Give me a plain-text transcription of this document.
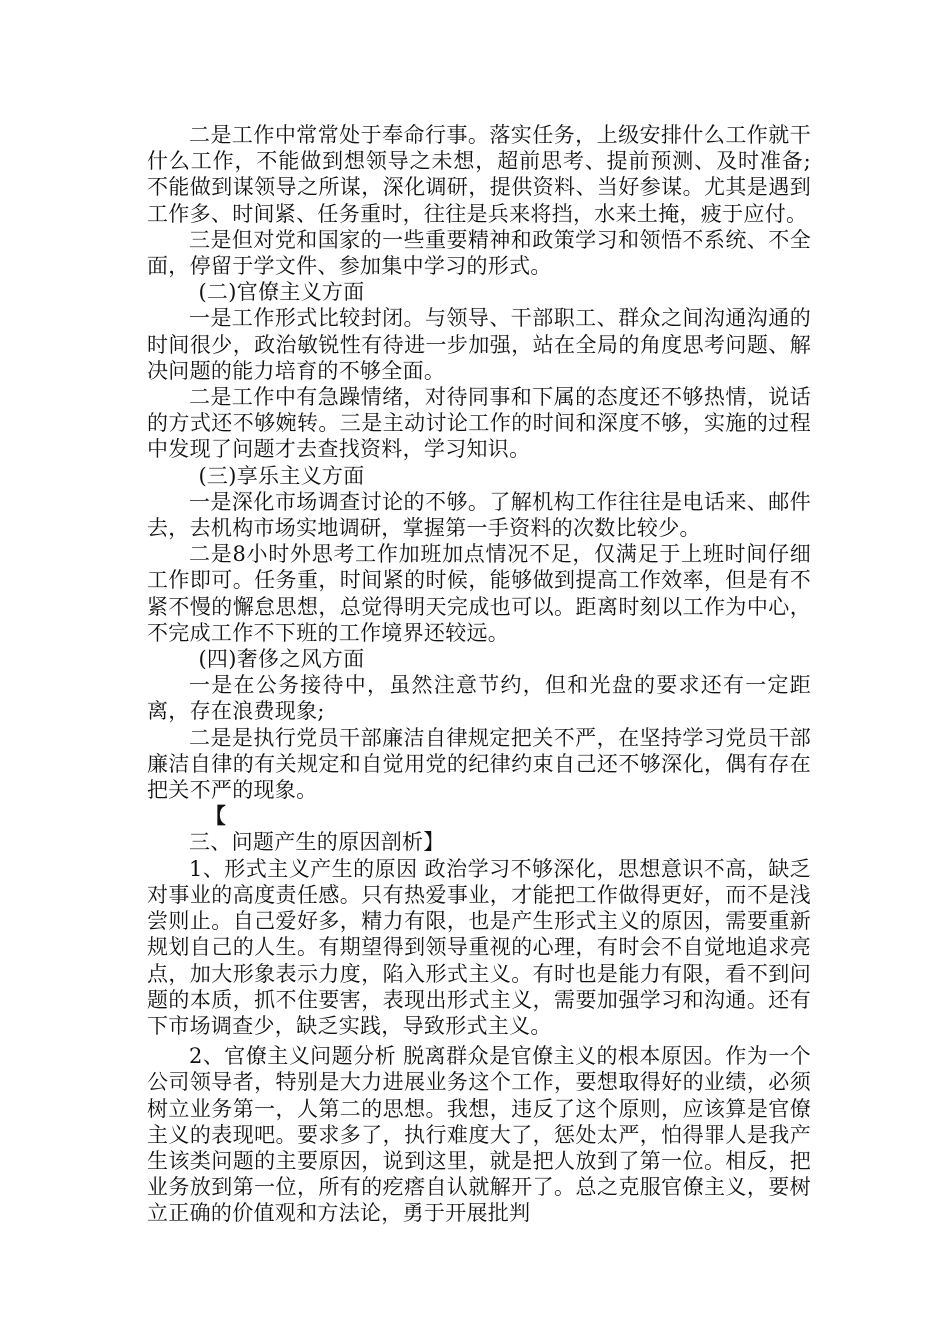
二是工作中常常处于奉命行事。落实任务，上级安排什么工作就干什么工作，不能做到想领导之未想，超前思考、提前预测、及时准备;不能做到谋领导之所谋，深化调研，提供资料、当好参谋。尤其是遇到工作多、时间紧、任务重时，往往是兵来将挡，水来土掩，疲于应付。

三是但对党和国家的一些重要精神和政策学习和领悟不系统、不全面，停留于学文件、参加集中学习的形式。

(二)官僚主义方面

一是工作形式比较封闭。与领导、干部职工、群众之间沟通沟通的时间很少，政治敏锐性有待进一步加强，站在全局的角度思考问题、解决问题的能力培育的不够全面。

二是工作中有急躁情绪，对待同事和下属的态度还不够热情，说话的方式还不够婉转。三是主动讨论工作的时间和深度不够，实施的过程中发现了问题才去查找资料，学习知识。

(三)享乐主义方面

一是深化市场调查讨论的不够。了解机构工作往往是电话来、邮件去，去机构市场实地调研，掌握第一手资料的次数比较少。

二是8小时外思考工作加班加点情况不足，仅满足于上班时间仔细工作即可。任务重，时间紧的时候，能够做到提高工作效率，但是有不紧不慢的懈怠思想，总觉得明天完成也可以。距离时刻以工作为中心，不完成工作不下班的工作境界还较远。

(四)奢侈之风方面

一是在公务接待中，虽然注意节约，但和光盘的要求还有一定距离，存在浪费现象;

二是是执行党员干部廉洁自律规定把关不严，在坚持学习党员干部廉洁自律的有关规定和自觉用党的纪律约束自己还不够深化，偶有存在把关不严的现象。

【

三、问题产生的原因剖析】

1、形式主义产生的原因 政治学习不够深化，思想意识不高，缺乏对事业的高度责任感。只有热爱事业，才能把工作做得更好，而不是浅尝则止。自己爱好多，精力有限，也是产生形式主义的原因，需要重新规划自己的人生。有期望得到领导重视的心理，有时会不自觉地追求亮点，加大形象表示力度，陷入形式主义。有时也是能力有限，看不到问题的本质，抓不住要害，表现出形式主义，需要加强学习和沟通。还有下市场调查少，缺乏实践，导致形式主义。

2、官僚主义问题分析 脱离群众是官僚主义的根本原因。作为一个公司领导者，特别是大力进展业务这个工作，要想取得好的业绩，必须树立业务第一，人第二的思想。我想，违反了这个原则，应该算是官僚主义的表现吧。要求多了，执行难度大了，惩处太严，怕得罪人是我产生该类问题的主要原因，说到这里，就是把人放到了第一位。相反，把业务放到第一位，所有的疙瘩自认就解开了。总之克服官僚主义，要树立正确的价值观和方法论，勇于开展批判
